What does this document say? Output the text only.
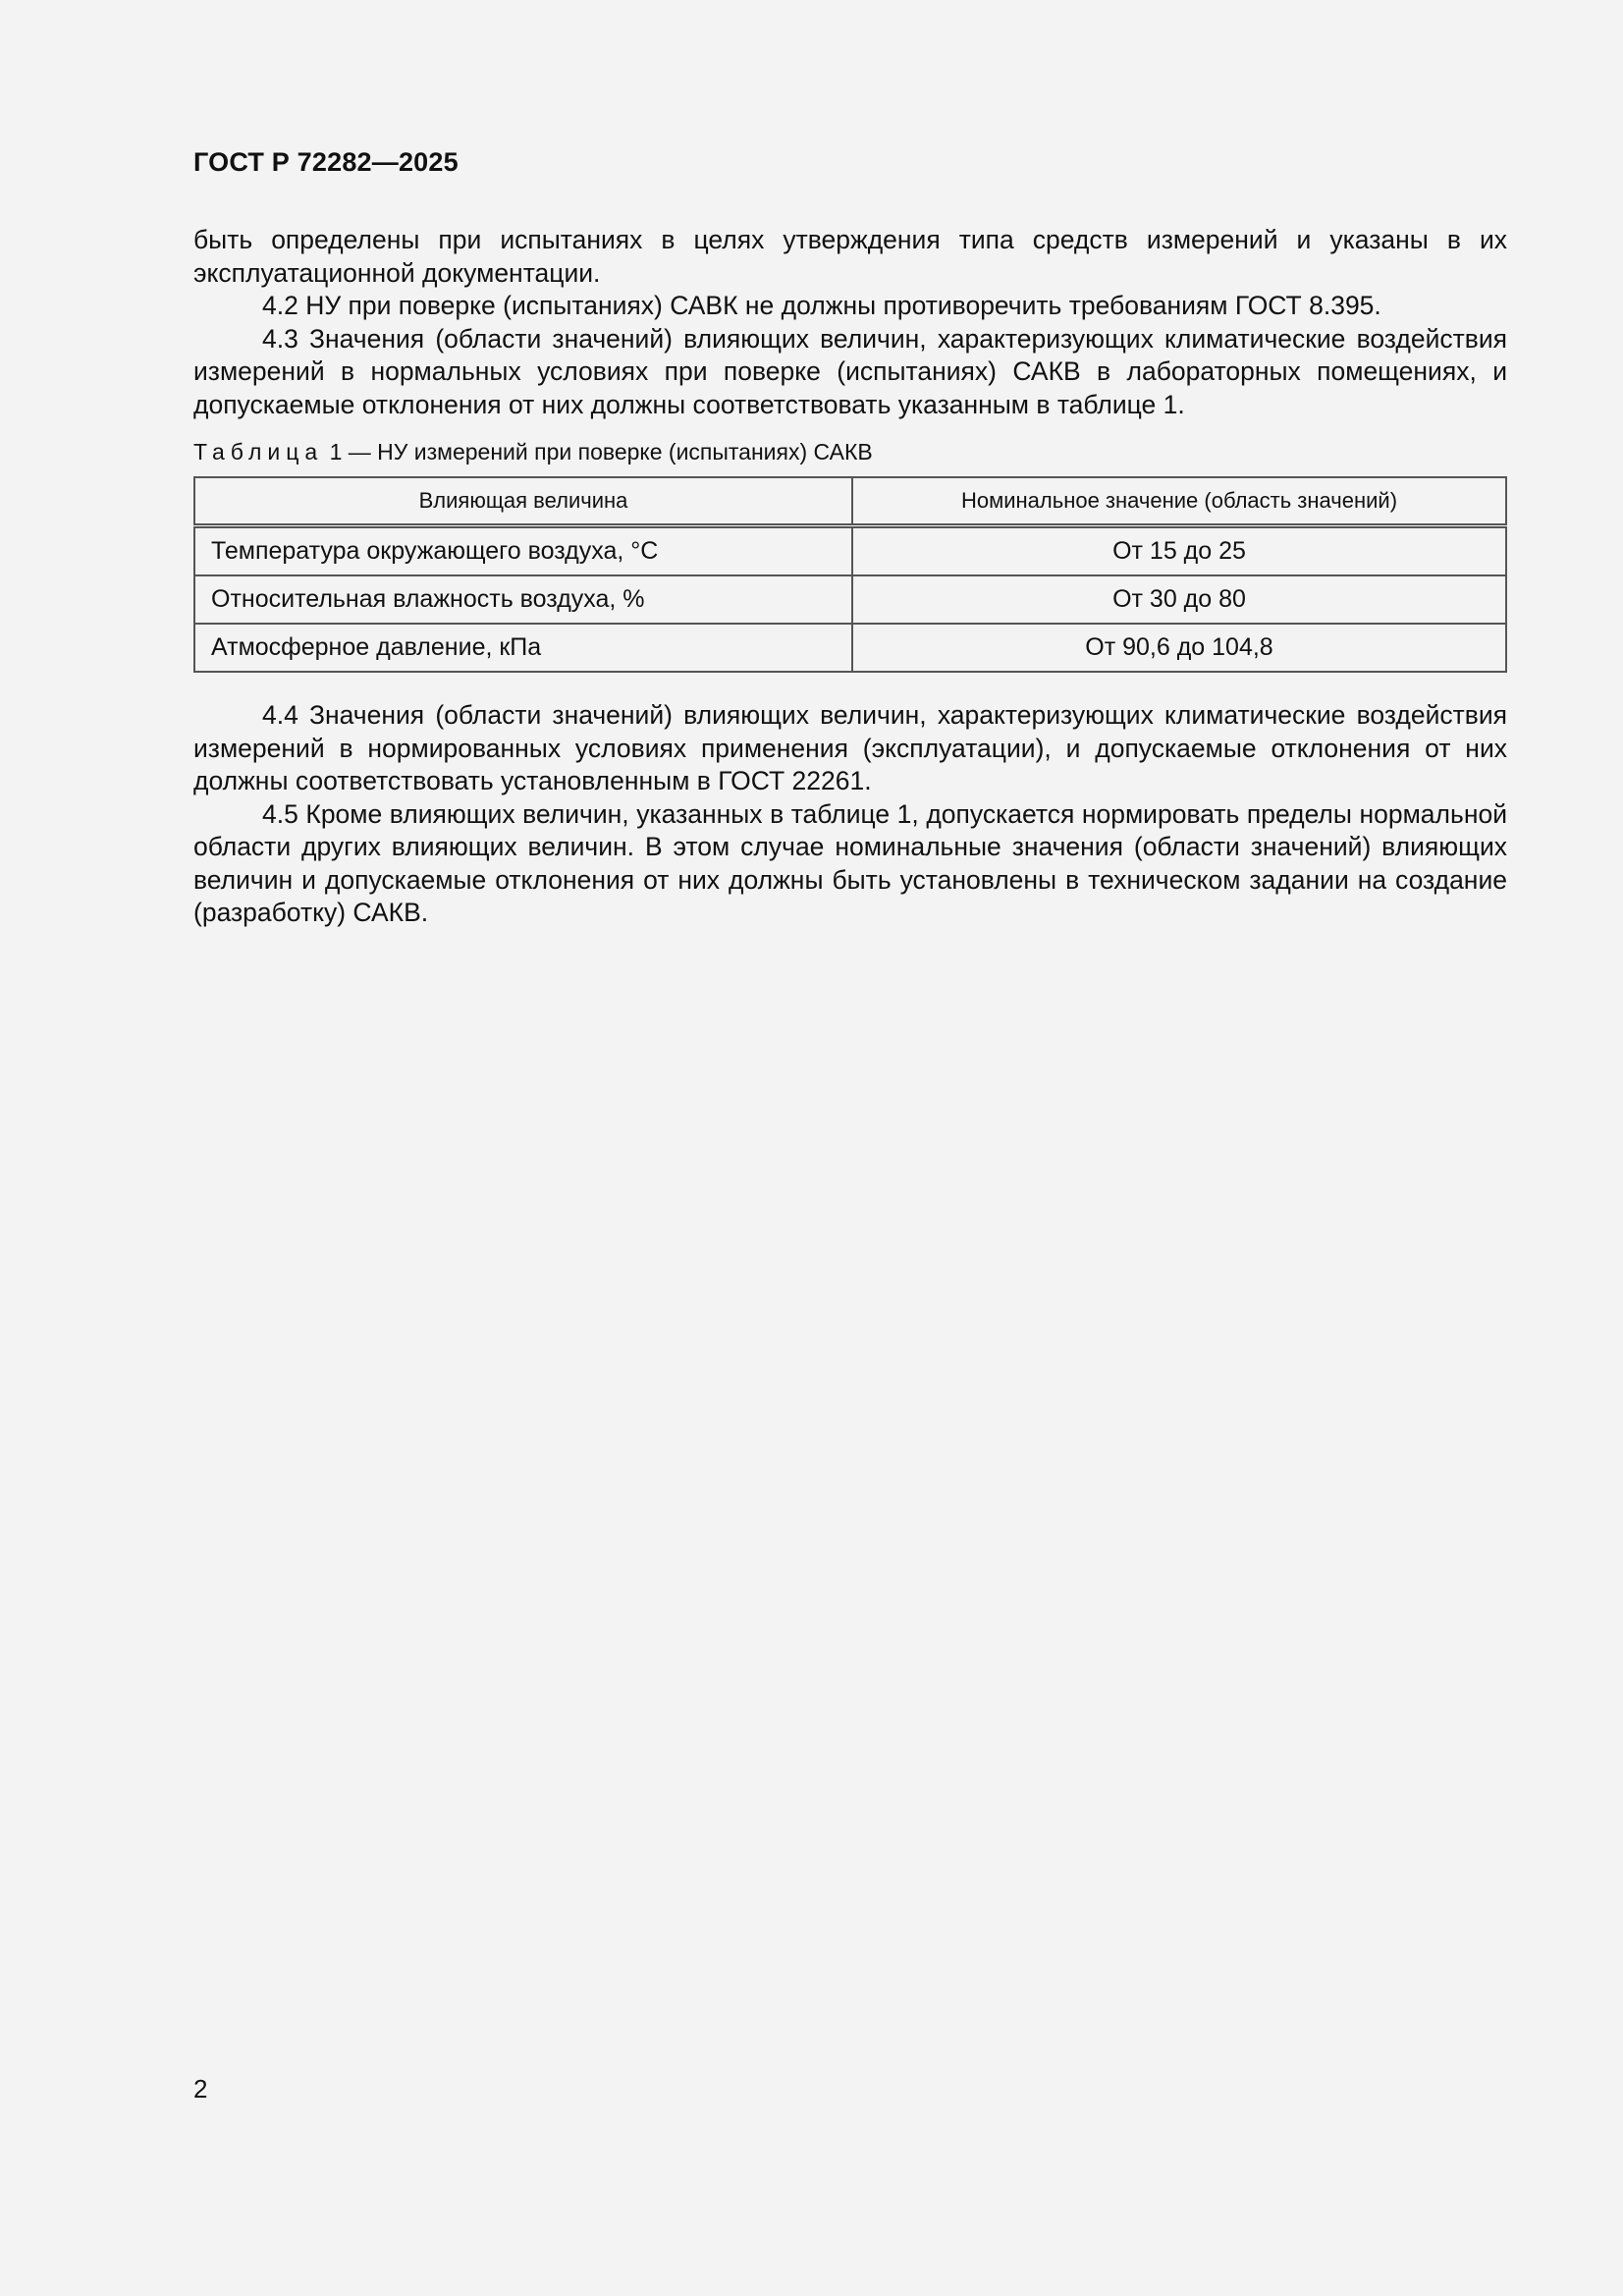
ГОСТ Р 72282—2025

быть определены при испытаниях в целях утверждения типа средств измерений и указаны в их эксплуатационной документации.

4.2 НУ при поверке (испытаниях) САВК не должны противоречить требованиям ГОСТ 8.395.

4.3 Значения (области значений) влияющих величин, характеризующих климатические воздействия измерений в нормальных условиях при поверке (испытаниях) САКВ в лабораторных помещениях, и допускаемые отклонения от них должны соответствовать указанным в таблице 1.

Таблица 1 — НУ измерений при поверке (испытаниях) САКВ
Влияющая величина	Номинальное значение (область значений)
Температура окружающего воздуха, °С	От 15 до 25
Относительная влажность воздуха, %	От 30 до 80
Атмосферное давление, кПа	От 90,6 до 104,8

4.4 Значения (области значений) влияющих величин, характеризующих климатические воздействия измерений в нормированных условиях применения (эксплуатации), и допускаемые отклонения от них должны соответствовать установленным в ГОСТ 22261.

4.5 Кроме влияющих величин, указанных в таблице 1, допускается нормировать пределы нормальной области других влияющих величин. В этом случае номинальные значения (области значений) влияющих величин и допускаемые отклонения от них должны быть установлены в техническом задании на создание (разработку) САКВ.

2
